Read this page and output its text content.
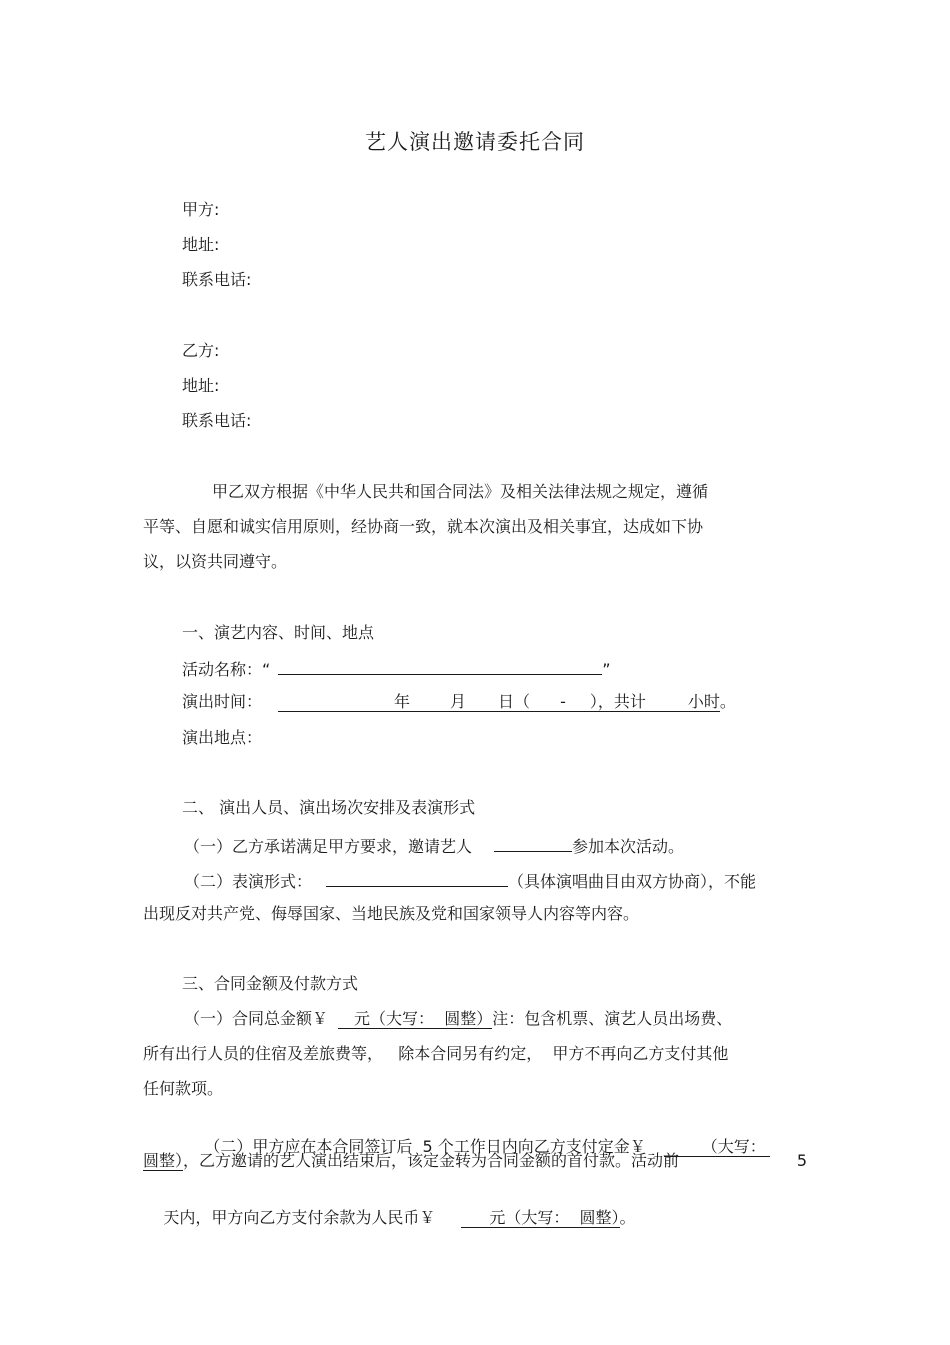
艺人演出邀请委托合同
甲方:
地址:
联系电话:
乙方:
地址:
联系电话:
甲乙双方根据《中华人民共和国合同法》及相关法律法规之规定，遵循
平等、自愿和诚实信用原则，经协商一致，就本次演出及相关事宜，达成如下协
议，以资共同遵守。
一、演艺内容、时间、地点
活动名称：“	”
演出时间：	年	月 日（ - ），共计	小时。
演出地点：
二、 演出人员、演出场次安排及表演形式
（一）乙方承诺满足甲方要求，邀请艺人	参加本次活动。
（二）表演形式：	（具体演唱曲目由双方协商），不能
出现反对共产党、侮辱国家、当地民族及党和国家领导人内容等内容。
三、合同金额及付款方式
（一）合同总金额￥ 元（大写：  圆整）注：包含机票、演艺人员出场费、
所有出行人员的住宿及差旅费等，   除本合同另有约定，  甲方不再向乙方支付其他
任何款项。

（二）甲方应在本合同签订后  5 个工作日内向乙方支付定金￥	（大写：

圆整），乙方邀请的艺人演出结束后，该定金转为合同金额的首付款。活动前	5

天内，甲方向乙方支付余款为人民币￥	元（大写：  圆整）。
